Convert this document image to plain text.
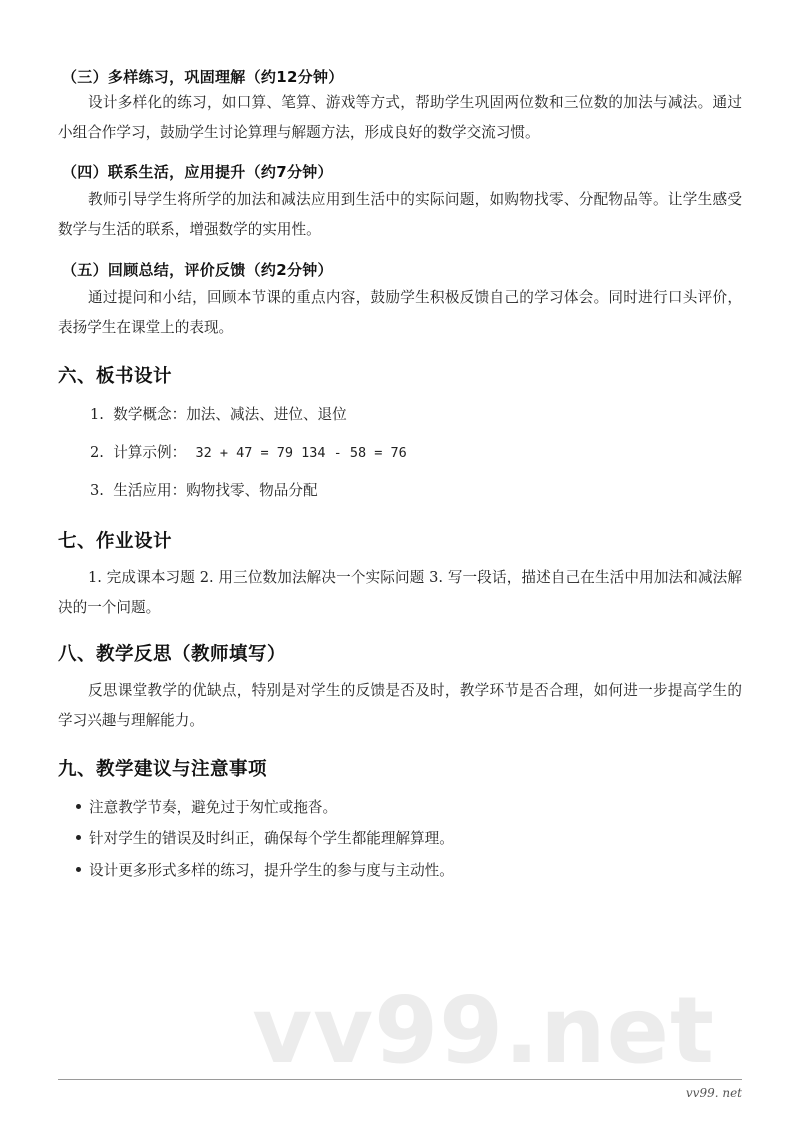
（三）多样练习，巩固理解（约12分钟）

设计多样化的练习，如口算、笔算、游戏等方式，帮助学生巩固两位数和三位数的加法与减法。通过小组合作学习，鼓励学生讨论算理与解题方法，形成良好的数学交流习惯。

（四）联系生活，应用提升（约7分钟）

教师引导学生将所学的加法和减法应用到生活中的实际问题，如购物找零、分配物品等。让学生感受数学与生活的联系，增强数学的实用性。

（五）回顾总结，评价反馈（约2分钟）

通过提问和小结，回顾本节课的重点内容，鼓励学生积极反馈自己的学习体会。同时进行口头评价，表扬学生在课堂上的表现。

六、板书设计

1. 数学概念：加法、减法、进位、退位

2. 计算示例： 32 + 47 = 79 134 - 58 = 76

3. 生活应用：购物找零、物品分配

七、作业设计

1. 完成课本习题 2. 用三位数加法解决一个实际问题 3. 写一段话，描述自己在生活中用加法和减法解决的一个问题。

八、教学反思（教师填写）

反思课堂教学的优缺点，特别是对学生的反馈是否及时，教学环节是否合理，如何进一步提高学生的学习兴趣与理解能力。

九、教学建议与注意事项

注意教学节奏，避免过于匆忙或拖沓。

针对学生的错误及时纠正，确保每个学生都能理解算理。

设计更多形式多样的练习，提升学生的参与度与主动性。

vv99.net
vv99. net
